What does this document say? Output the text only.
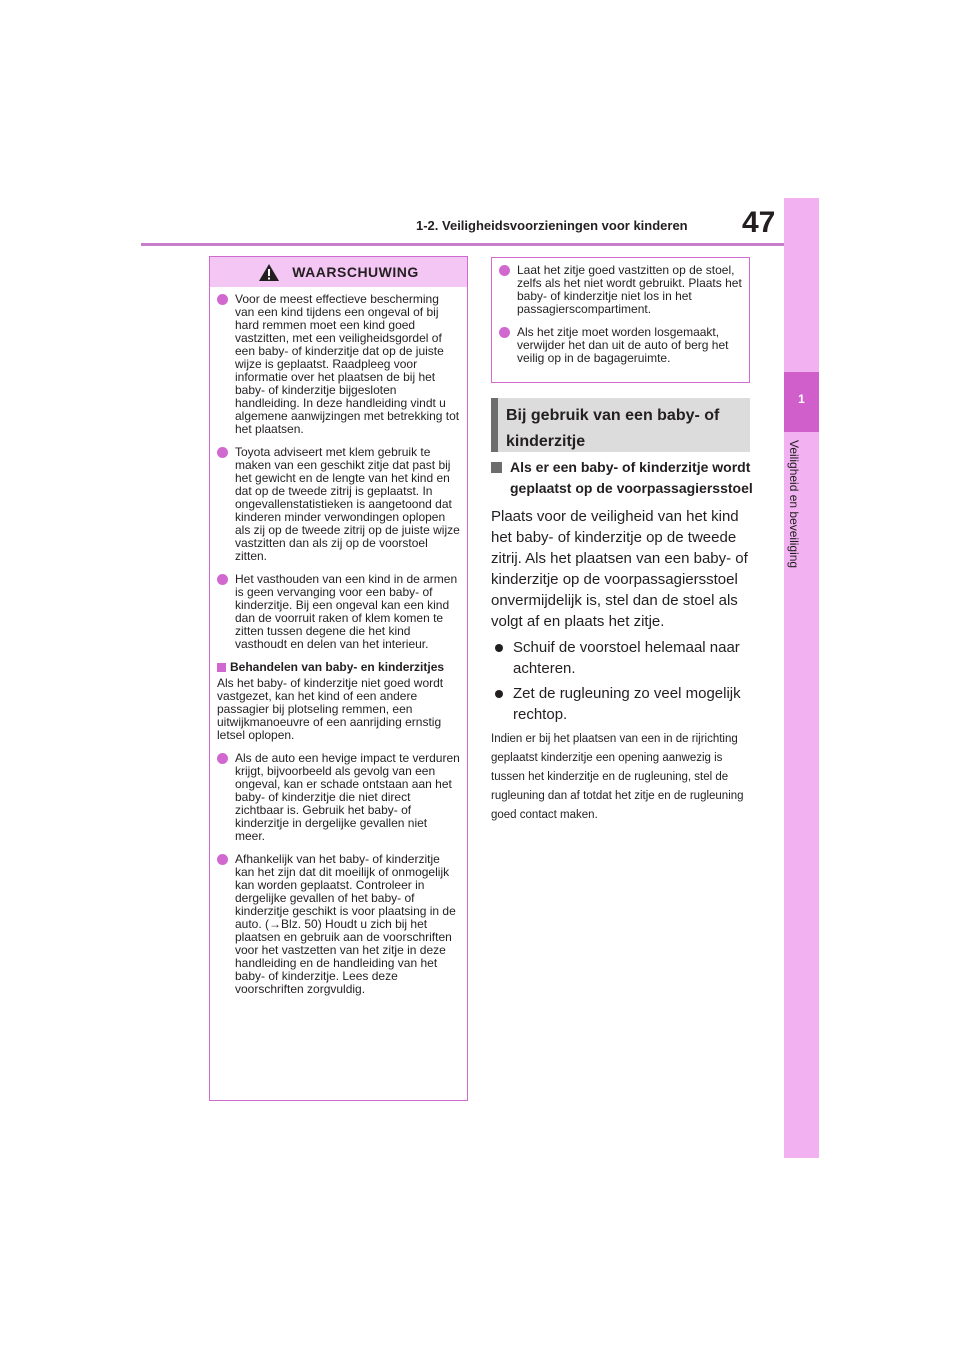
1-2. Veiligheidsvoorzieningen voor kinderen 47
1
Veiligheid en beveiliging
WAARSCHUWING
Voor de meest effectieve bescherming van een kind tijdens een ongeval of bij hard remmen moet een kind goed vastzitten, met een veiligheidsgordel of een baby- of kinderzitje dat op de juiste wijze is geplaatst. Raadpleeg voor informatie over het plaatsen de bij het baby- of kinderzitje bijgesloten handleiding. In deze handleiding vindt u algemene aanwijzingen met betrekking tot het plaatsen.
Toyota adviseert met klem gebruik te maken van een geschikt zitje dat past bij het gewicht en de lengte van het kind en dat op de tweede zitrij is geplaatst. In ongevallenstatistieken is aangetoond dat kinderen minder verwondingen oplopen als zij op de tweede zitrij op de juiste wijze vastzitten dan als zij op de voorstoel zitten.
Het vasthouden van een kind in de armen is geen vervanging voor een baby- of kinderzitje. Bij een ongeval kan een kind dan de voorruit raken of klem komen te zitten tussen degene die het kind vasthoudt en delen van het interieur.
Behandelen van baby- en kinderzitjes
Als het baby- of kinderzitje niet goed wordt vastgezet, kan het kind of een andere passagier bij plotseling remmen, een uitwijkmanoeuvre of een aanrijding ernstig letsel oplopen.
Als de auto een hevige impact te verduren krijgt, bijvoorbeeld als gevolg van een ongeval, kan er schade ontstaan aan het baby- of kinderzitje die niet direct zichtbaar is. Gebruik het baby- of kinderzitje in dergelijke gevallen niet meer.
Afhankelijk van het baby- of kinderzitje kan het zijn dat dit moeilijk of onmogelijk kan worden geplaatst. Controleer in dergelijke gevallen of het baby- of kinderzitje geschikt is voor plaatsing in de auto. (→Blz. 50) Houdt u zich bij het plaatsen en gebruik aan de voorschriften voor het vastzetten van het zitje in deze handleiding en de handleiding van het baby- of kinderzitje. Lees deze voorschriften zorgvuldig.
Laat het zitje goed vastzitten op de stoel, zelfs als het niet wordt gebruikt. Plaats het baby- of kinderzitje niet los in het passagierscompartiment.
Als het zitje moet worden losgemaakt, verwijder het dan uit de auto of berg het veilig op in de bagageruimte.
Bij gebruik van een baby- of kinderzitje
Als er een baby- of kinderzitje wordt geplaatst op de voorpassagiersstoel
Plaats voor de veiligheid van het kind het baby- of kinderzitje op de tweede zitrij. Als het plaatsen van een baby- of kinderzitje op de voorpassagiersstoel onvermijdelijk is, stel dan de stoel als volgt af en plaats het zitje.
Schuif de voorstoel helemaal naar achteren.
Zet de rugleuning zo veel mogelijk rechtop.
Indien er bij het plaatsen van een in de rijrichting geplaatst kinderzitje een opening aanwezig is tussen het kinderzitje en de rugleuning, stel de rugleuning dan af totdat het zitje en de rugleuning goed contact maken.
